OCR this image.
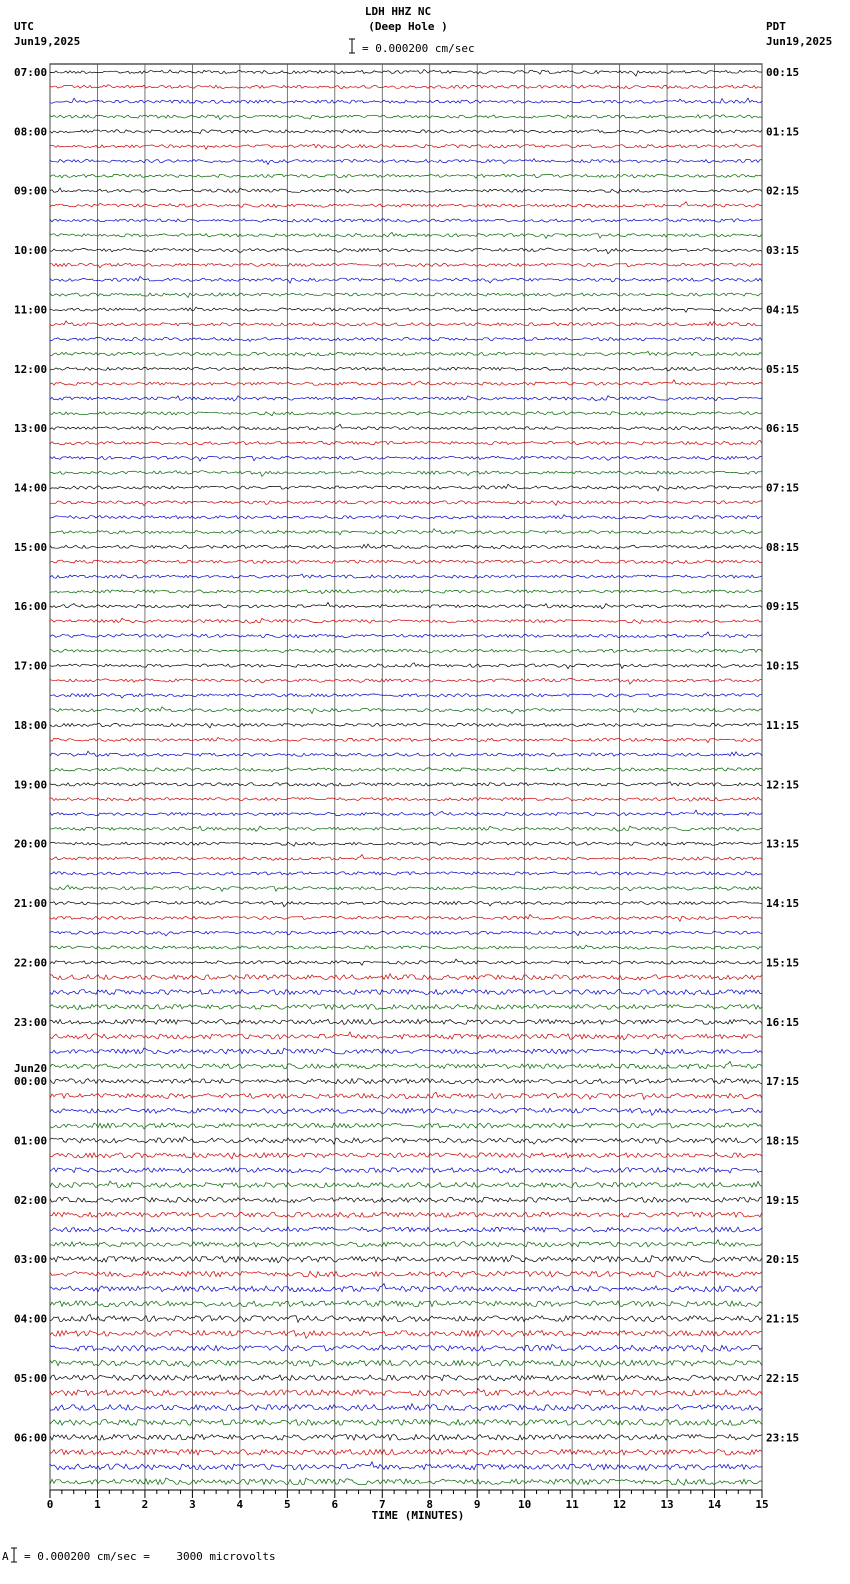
LDH HHZ NC
(Deep Hole )
UTC
Jun19,2025
PDT
Jun19,2025
= 0.000200 cm/sec
07:00
08:00
09:00
10:00
11:00
12:00
13:00
14:00
15:00
16:00
17:00
18:00
19:00
20:00
21:00
22:00
23:00
Jun20
00:00
01:00
02:00
03:00
04:00
05:00
06:00
00:15
01:15
02:15
03:15
04:15
05:15
06:15
07:15
08:15
09:15
10:15
11:15
12:15
13:15
14:15
15:15
16:15
17:15
18:15
19:15
20:15
21:15
22:15
23:15
0	1	2	3	4	5	6	7	8	9	10	11	12	13	14	15
TIME (MINUTES)
A = 0.000200 cm/sec =    3000 microvolts
